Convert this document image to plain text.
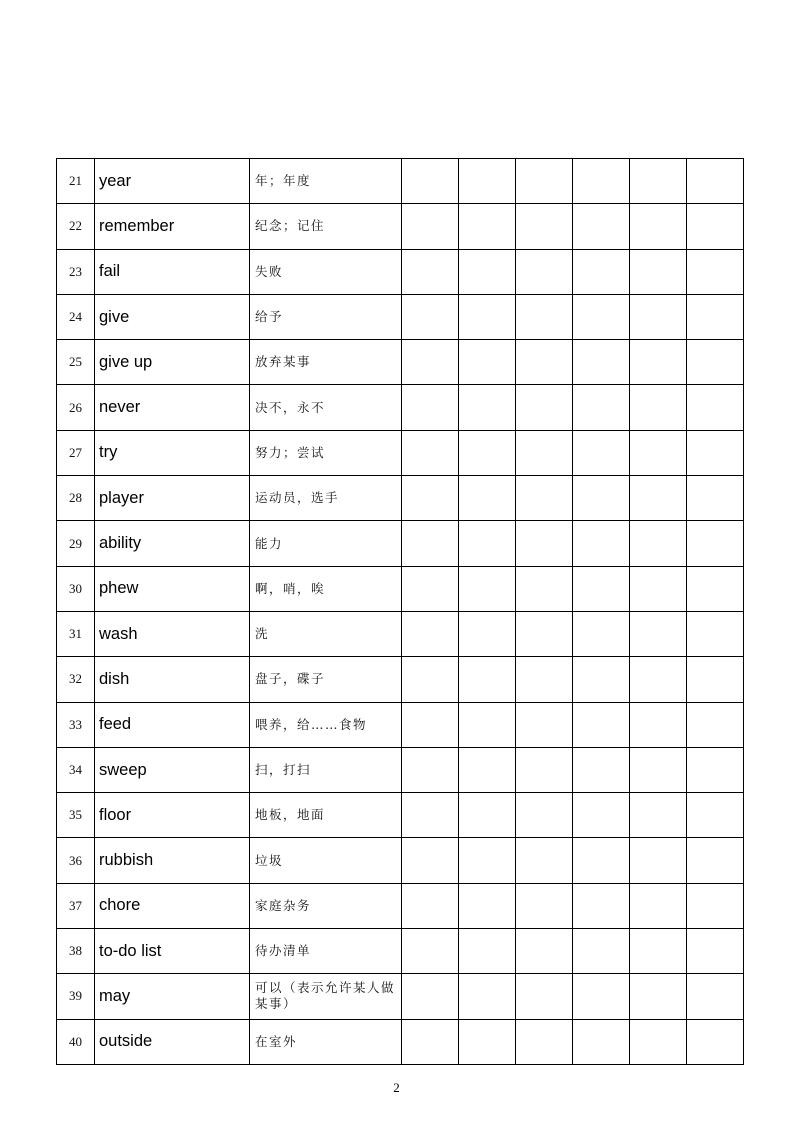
21	year	年；年度						
22	remember	纪念；记住						
23	fail	失败						
24	give	给予						
25	give up	放弃某事						
26	never	决不，永不						
27	try	努力；尝试						
28	player	运动员，选手						
29	ability	能力						
30	phew	啊，哨，唉						
31	wash	洗						
32	dish	盘子，碟子						
33	feed	喂养，给……食物						
34	sweep	扫，打扫						
35	floor	地板，地面						
36	rubbish	垃圾						
37	chore	家庭杂务						
38	to-do list	待办清单						
39	may	可以（表示允许某人做某事）						
40	outside	在室外						
2
